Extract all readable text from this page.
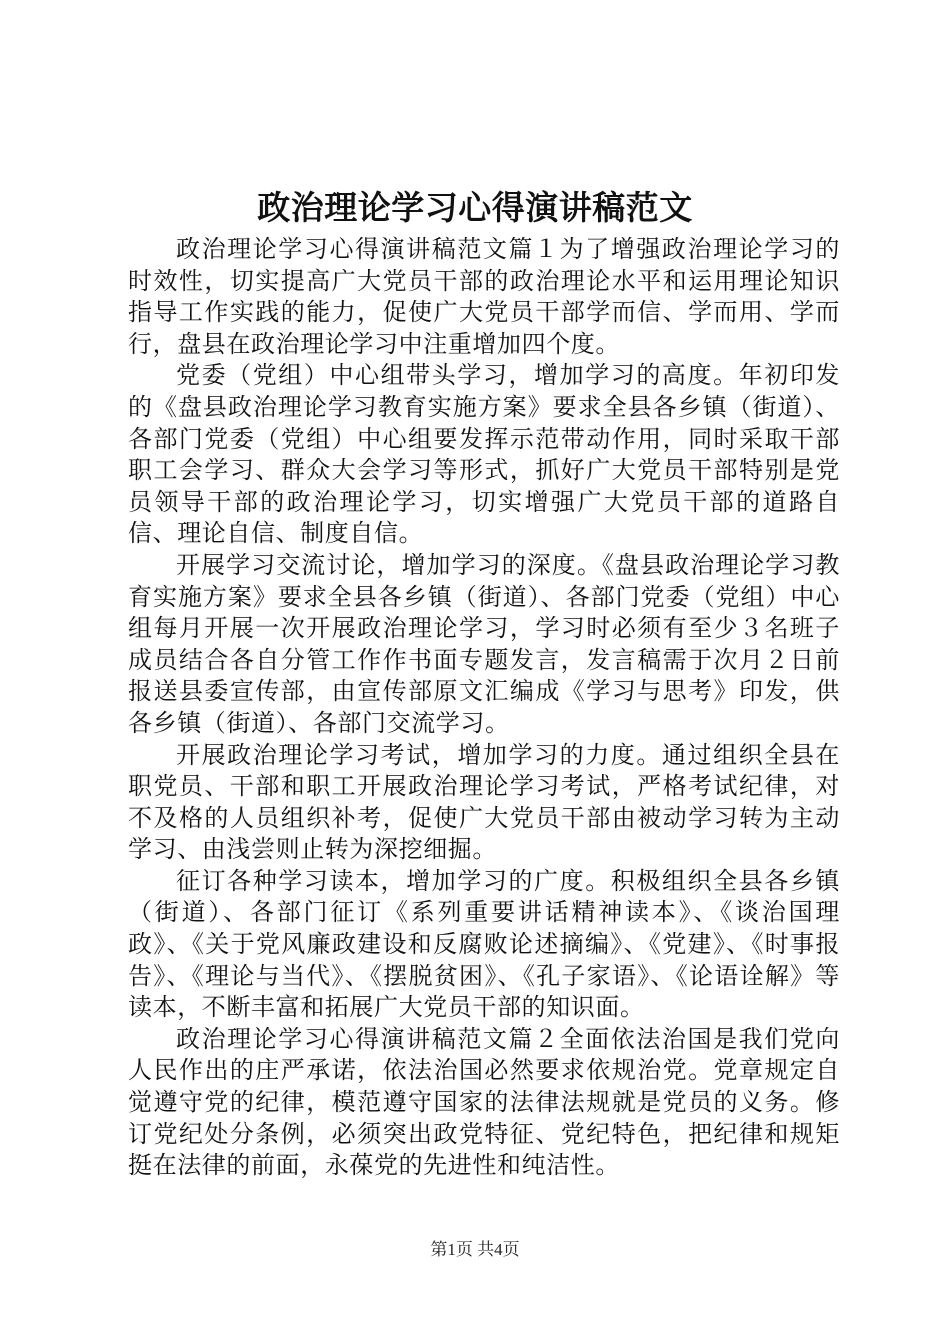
政治理论学习心得演讲稿范文

政治理论学习心得演讲稿范文篇１为了增强政治理论学习的时效性，切实提高广大党员干部的政治理论水平和运用理论知识指导工作实践的能力，促使广大党员干部学而信、学而用、学而行，盘县在政治理论学习中注重增加四个度。

党委（党组）中心组带头学习，增加学习的高度。年初印发的《盘县政治理论学习教育实施方案》要求全县各乡镇（街道）、各部门党委（党组）中心组要发挥示范带动作用，同时采取干部职工会学习、群众大会学习等形式，抓好广大党员干部特别是党员领导干部的政治理论学习，切实增强广大党员干部的道路自信、理论自信、制度自信。

开展学习交流讨论，增加学习的深度。《盘县政治理论学习教育实施方案》要求全县各乡镇（街道）、各部门党委（党组）中心组每月开展一次开展政治理论学习，学习时必须有至少３名班子成员结合各自分管工作作书面专题发言，发言稿需于次月２日前报送县委宣传部，由宣传部原文汇编成《学习与思考》印发，供各乡镇（街道）、各部门交流学习。

开展政治理论学习考试，增加学习的力度。通过组织全县在职党员、干部和职工开展政治理论学习考试，严格考试纪律，对不及格的人员组织补考，促使广大党员干部由被动学习转为主动学习、由浅尝则止转为深挖细掘。

征订各种学习读本，增加学习的广度。积极组织全县各乡镇（街道）、各部门征订《系列重要讲话精神读本》、《谈治国理政》、《关于党风廉政建设和反腐败论述摘编》、《党建》、《时事报告》、《理论与当代》、《摆脱贫困》、《孔子家语》、《论语诠解》等读本，不断丰富和拓展广大党员干部的知识面。

政治理论学习心得演讲稿范文篇２全面依法治国是我们党向人民作出的庄严承诺，依法治国必然要求依规治党。党章规定自觉遵守党的纪律，模范遵守国家的法律法规就是党员的义务。修订党纪处分条例，必须突出政党特征、党纪特色，把纪律和规矩挺在法律的前面，永葆党的先进性和纯洁性。

第1页 共4页
